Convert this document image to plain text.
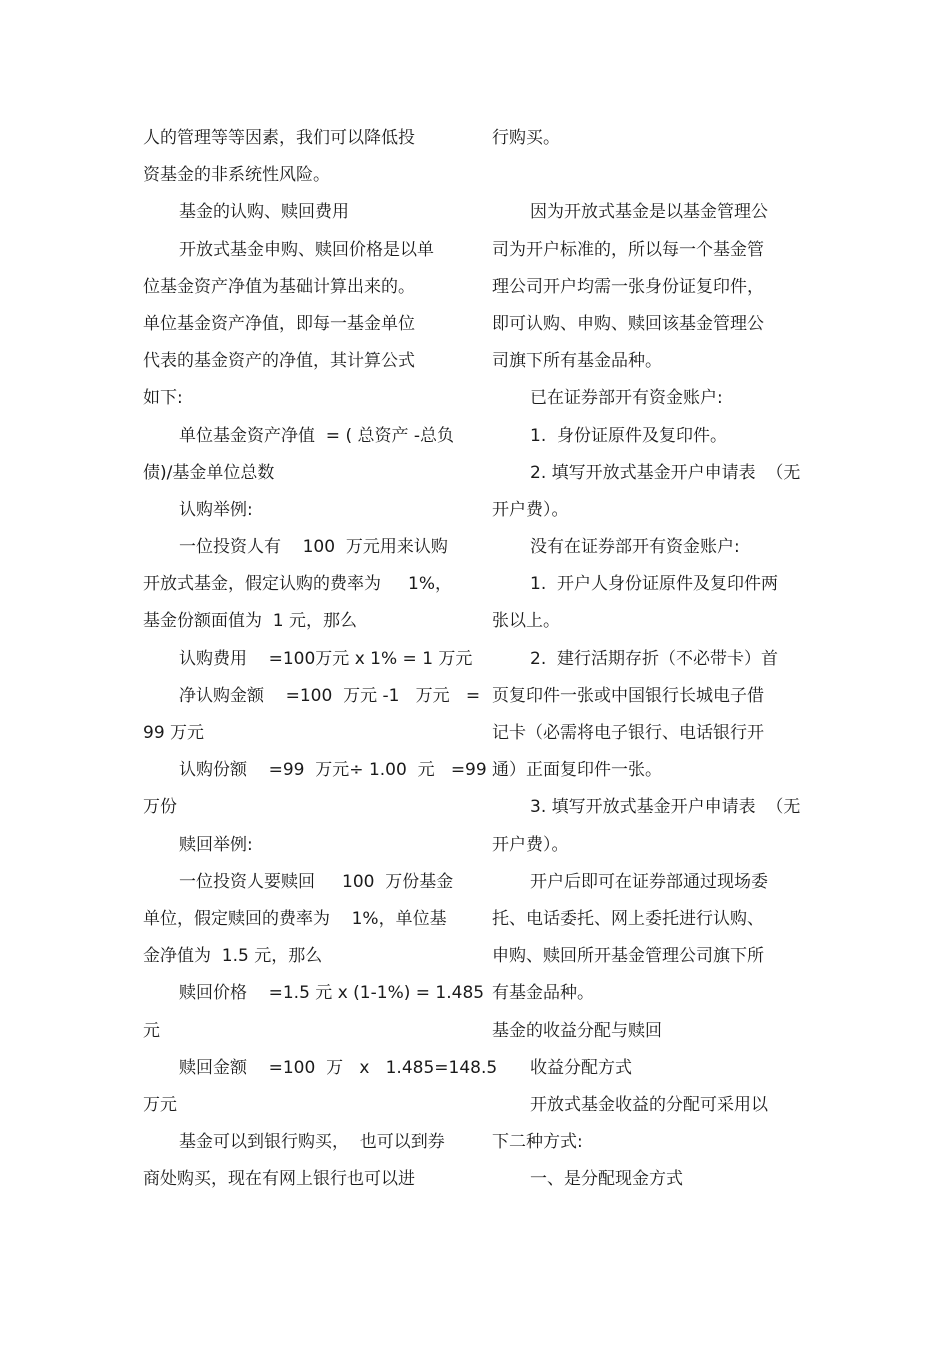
人的管理等等因素，我们可以降低投
资基金的非系统性风险。
基金的认购、赎回费用
开放式基金申购、赎回价格是以单
位基金资产净值为基础计算出来的。
单位基金资产净值，即每一基金单位
代表的基金资产的净值，其计算公式
如下:
单位基金资产净值  = ( 总资产 -总负
债)/基金单位总数
认购举例:
一位投资人有    100  万元用来认购
开放式基金，假定认购的费率为     1%，
基金份额面值为  1 元，那么
认购费用    =100万元 x 1% = 1 万元
净认购金额    =100  万元 -1   万元   =
99 万元
认购份额    =99  万元÷ 1.00  元   =99
万份
赎回举例:
一位投资人要赎回     100  万份基金
单位，假定赎回的费率为    1%，单位基
金净值为  1.5 元，那么
赎回价格    =1.5 元 x (1-1%) = 1.485
元
赎回金额    =100  万   x   1.485=148.5
万元
基金可以到银行购买，  也可以到券
商处购买，现在有网上银行也可以进
行购买。
因为开放式基金是以基金管理公
司为开户标准的，所以每一个基金管
理公司开户均需一张身份证复印件，
即可认购、申购、赎回该基金管理公
司旗下所有基金品种。
已在证券部开有资金账户:
1.  身份证原件及复印件。
2. 填写开放式基金开户申请表  （无
开户费）。
没有在证券部开有资金账户:
1.  开户人身份证原件及复印件两
张以上。
2.  建行活期存折（不必带卡）首
页复印件一张或中国银行长城电子借
记卡（必需将电子银行、电话银行开
通）正面复印件一张。
3. 填写开放式基金开户申请表  （无
开户费）。
开户后即可在证券部通过现场委
托、电话委托、网上委托进行认购、
申购、赎回所开基金管理公司旗下所
有基金品种。
基金的收益分配与赎回
收益分配方式
开放式基金收益的分配可采用以
下二种方式:
一、是分配现金方式
